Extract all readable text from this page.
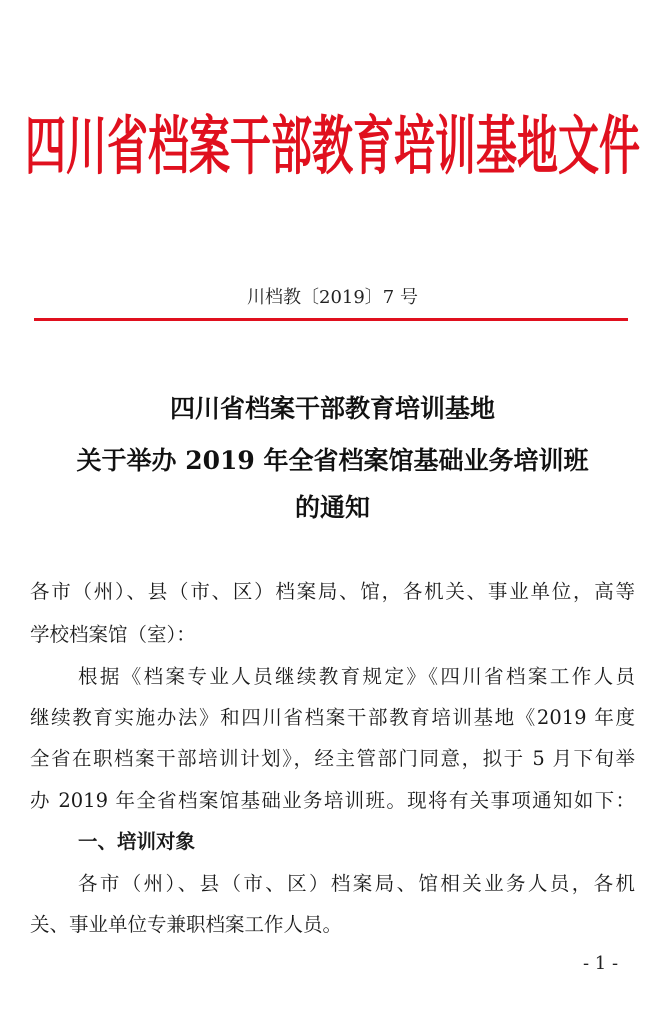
四川省档案干部教育培训基地文件
川档教〔2019〕7 号
四川省档案干部教育培训基地
关于举办 2019 年全省档案馆基础业务培训班
的通知
各市（州）、县（市、区）档案局、馆，各机关、事业单位，高等
学校档案馆（室）：
根据《档案专业人员继续教育规定》《四川省档案工作人员
继续教育实施办法》和四川省档案干部教育培训基地《2019 年度
全省在职档案干部培训计划》，经主管部门同意，拟于 5 月下旬举
办 2019 年全省档案馆基础业务培训班。现将有关事项通知如下：
一、培训对象
各市（州）、县（市、区）档案局、馆相关业务人员，各机
关、事业单位专兼职档案工作人员。
- 1 -
